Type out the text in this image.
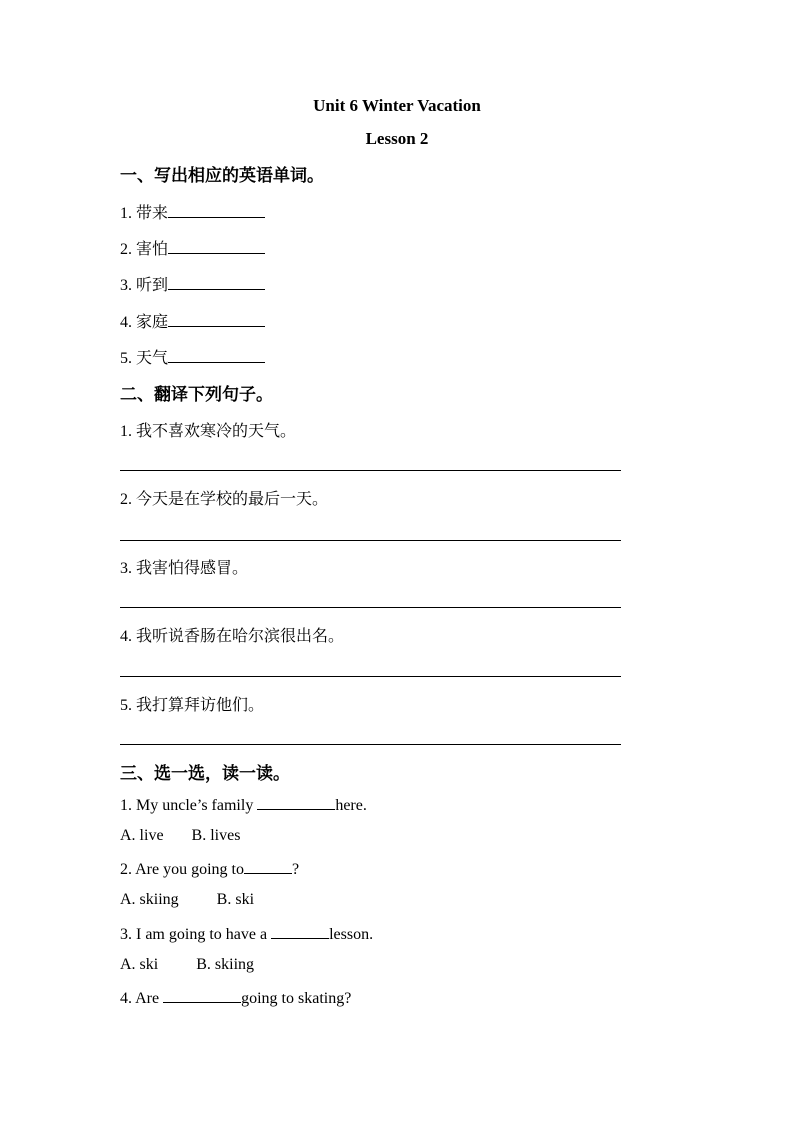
Unit 6 Winter Vacation
Lesson 2
一、写出相应的英语单词。
1. 带来
2. 害怕
3. 听到
4. 家庭
5. 天气
二、翻译下列句子。
1. 我不喜欢寒冷的天气。
2. 今天是在学校的最后一天。
3. 我害怕得感冒。
4. 我听说香肠在哈尔滨很出名。
5. 我打算拜访他们。
三、选一选，读一读。
1. My uncle’s family	here.
A. live B. lives
2. Are you going to	?
A. skiing B. ski
3. I am going to have a	lesson.
A. ski B. skiing
4. Are	going to skating?
